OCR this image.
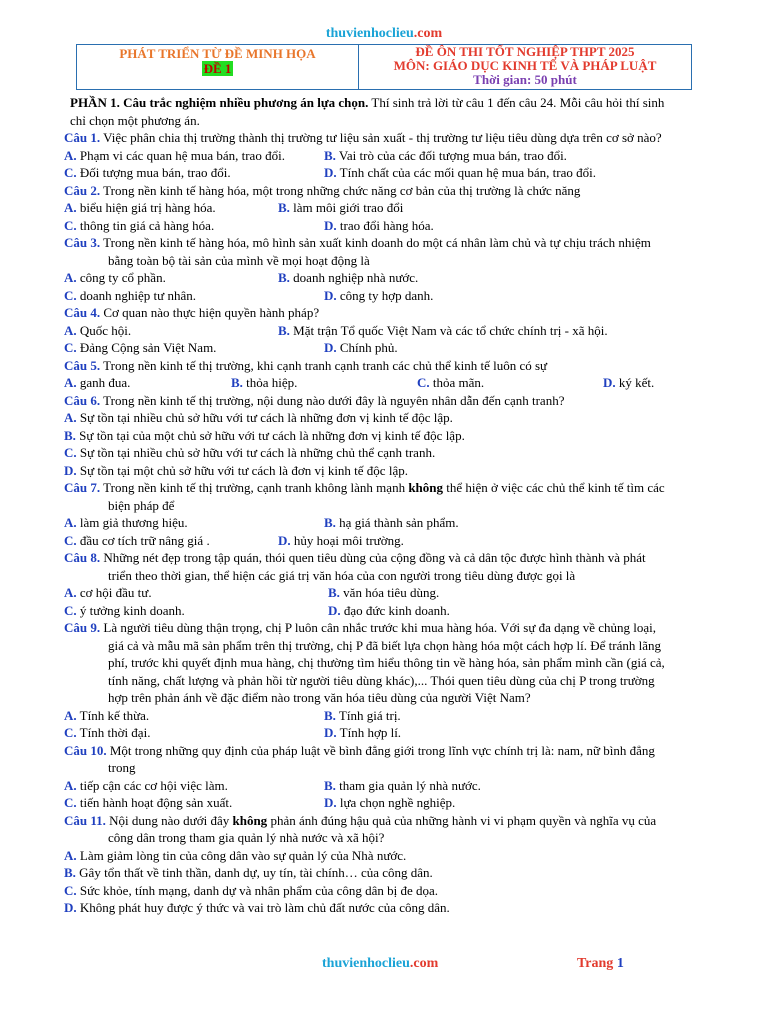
thuvienhoclieu.com
PHÁT TRIỂN TỪ ĐỀ MINH HỌA
ĐỀ 1
ĐỀ ÔN THI TỐT NGHIỆP THPT 2025
MÔN: GIÁO DỤC KINH TẾ VÀ PHÁP LUẬT
Thời gian: 50 phút
PHẦN 1. Câu trắc nghiệm nhiều phương án lựa chọn. Thí sinh trả lời từ câu 1 đến câu 24. Mỗi câu hỏi thí sinh
chỉ chọn một phương án.
Câu 1. Việc phân chia thị trường thành thị trường tư liệu sản xuất - thị trường tư liệu tiêu dùng dựa trên cơ sở nào?
A. Phạm vi các quan hệ mua bán, trao đổi.	B. Vai trò của các đối tượng mua bán, trao đổi.
C. Đối tượng mua bán, trao đổi.	D. Tính chất của các mối quan hệ mua bán, trao đổi.
Câu 2. Trong nền kinh tế hàng hóa, một trong những chức năng cơ bản của thị trường là chức năng
A. biểu hiện giá trị hàng hóa.	B. làm môi giới trao đổi
C. thông tin giá cả hàng hóa.	D. trao đổi hàng hóa.
Câu 3. Trong nền kinh tế hàng hóa, mô hình sản xuất kinh doanh do một cá nhân làm chủ và tự chịu trách nhiệm
bằng toàn bộ tài sản của mình về mọi hoạt động là
A. công ty cổ phần.	B. doanh nghiệp nhà nước.
C. doanh nghiệp tư nhân.	D. công ty hợp danh.
Câu 4. Cơ quan nào thực hiện quyền hành pháp?
A. Quốc hội.	B. Mặt trận Tổ quốc Việt Nam và các tổ chức chính trị - xã hội.
C. Đảng Cộng sản Việt Nam.	D. Chính phủ.
Câu 5. Trong nền kinh tế thị trường, khi cạnh tranh cạnh tranh các chủ thể kinh tế luôn có sự
A. ganh đua.	B. thỏa hiệp.	C. thỏa mãn.	D. ký kết.
Câu 6. Trong nền kinh tế thị trường, nội dung nào dưới đây là nguyên nhân dẫn đến cạnh tranh?
A. Sự tồn tại nhiều chủ sở hữu với tư cách là những đơn vị kinh tế độc lập.
B. Sự tồn tại của một chủ sở hữu với tư cách là những đơn vị kinh tế độc lập.
C. Sự tồn tại nhiều chủ sở hữu với tư cách là những chủ thể cạnh tranh.
D. Sự tồn tại một chủ sở hữu với tư cách là đơn vị kinh tế độc lập.
Câu 7. Trong nền kinh tế thị trường, cạnh tranh không lành mạnh không thể hiện ở việc các chủ thể kinh tế tìm các
biện pháp để
A. làm giả thương hiệu.	B. hạ giá thành sản phẩm.
C. đầu cơ tích trữ nâng giá .	D. hủy hoại môi trường.
Câu 8. Những nét đẹp trong tập quán, thói quen tiêu dùng của cộng đồng và cả dân tộc được hình thành và phát
triển theo thời gian, thể hiện các giá trị văn hóa của con người trong tiêu dùng được gọi là
A. cơ hội đầu tư.	B. văn hóa tiêu dùng.
C. ý tưởng kinh doanh.	D. đạo đức kinh doanh.
Câu 9. Là người tiêu dùng thận trọng, chị P luôn cân nhắc trước khi mua hàng hóa. Với sự đa dạng về chủng loại,
giá cả và mẫu mã sản phẩm trên thị trường, chị P đã biết lựa chọn hàng hóa một cách hợp lí. Để tránh lãng
phí, trước khi quyết định mua hàng, chị thường tìm hiểu thông tin về hàng hóa, sản phẩm mình cần (giá cả,
tính năng, chất lượng và phản hồi từ người tiêu dùng khác),... Thói quen tiêu dùng của chị P trong trường
hợp trên phản ánh về đặc điểm nào trong văn hóa tiêu dùng của người Việt Nam?
A. Tính kế thừa.	B. Tính giá trị.
C. Tính thời đại.	D. Tính hợp lí.
Câu 10. Một trong những quy định của pháp luật về bình đẳng giới trong lĩnh vực chính trị là: nam, nữ bình đẳng
trong
A. tiếp cận các cơ hội việc làm.	B. tham gia quản lý nhà nước.
C. tiến hành hoạt động sản xuất.	D. lựa chọn nghề nghiệp.
Câu 11. Nội dung nào dưới đây không phản ánh đúng hậu quả của những hành vi vi phạm quyền và nghĩa vụ của
công dân trong tham gia quản lý nhà nước và xã hội?
A. Làm giảm lòng tin của công dân vào sự quản lý của Nhà nước.
B. Gây tổn thất về tinh thần, danh dự, uy tín, tài chính… của công dân.
C. Sức khỏe, tính mạng, danh dự và nhân phẩm của công dân bị đe dọa.
D. Không phát huy được ý thức và vai trò làm chủ đất nước của công dân.
thuvienhoclieu.com	Trang 1
